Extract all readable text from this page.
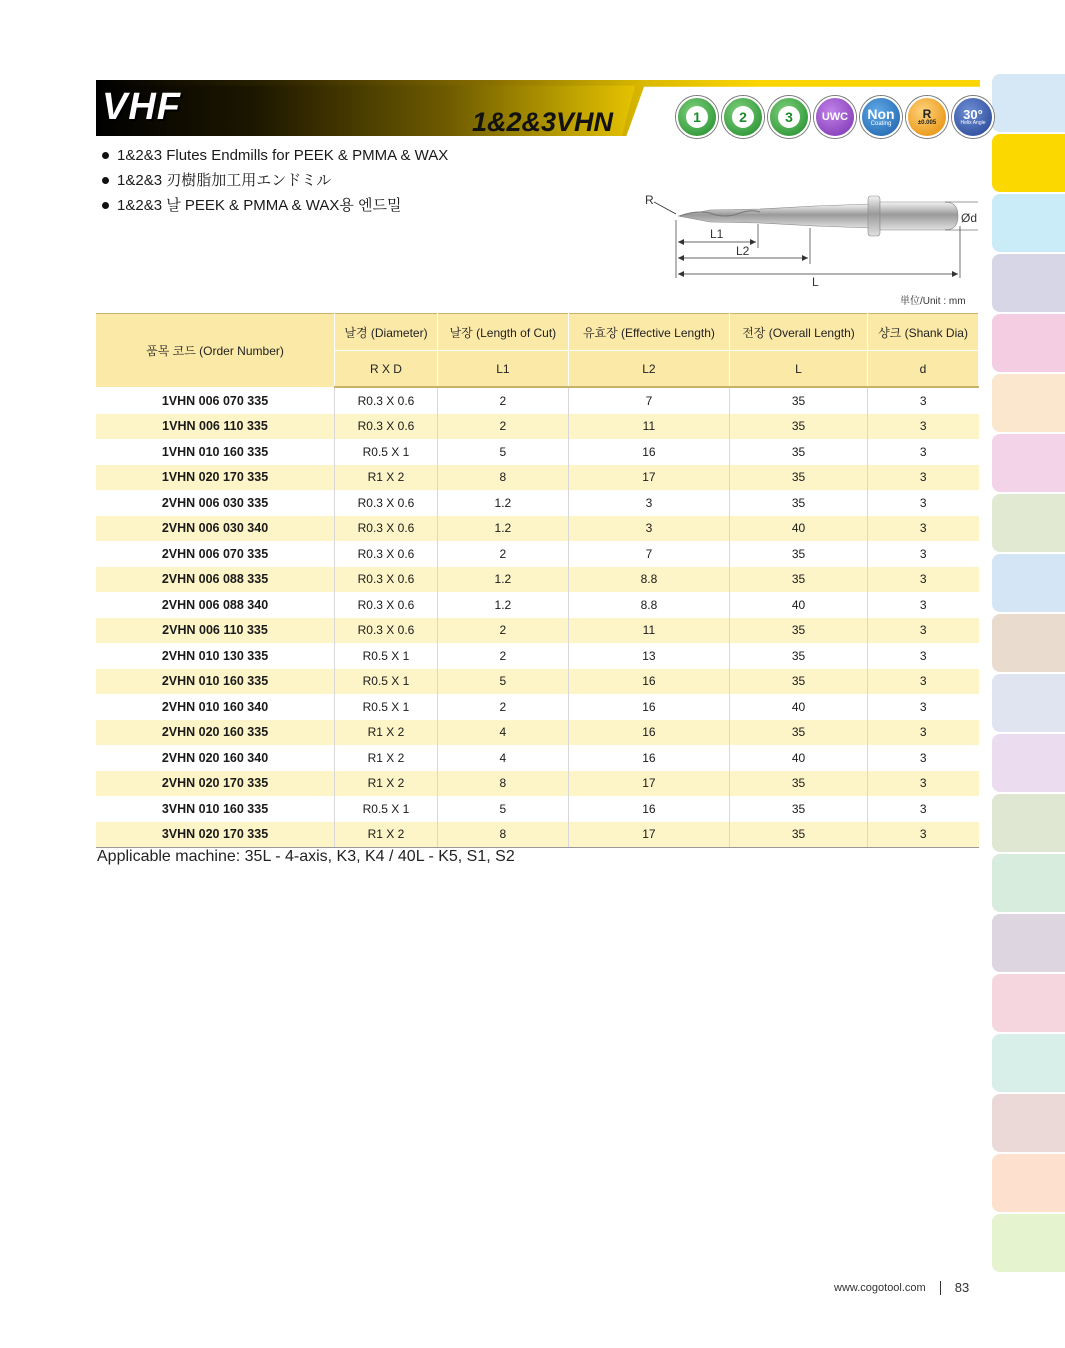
VHF	1&2&3VHN	1	2	3	UWC Non
Coating
R
±0.005
30°
Helix Angle
1&2&3 Flutes Endmills for PEEK & PMMA & WAX
1&2&3 刃樹脂加工用エンドミル
1&2&3 날 PEEK & PMMA & WAX용 엔드밀	R
L1
L2
L
Ød
単位/Unit : mm
품목 코드 (Order Number)	날경 (Diameter)	날장 (Length of Cut)	유효장 (Effective Length)	전장 (Overall Length)	샹크 (Shank Dia)
	R X D	L1	L2	L	d
1VHN 006 070 335	R0.3 X 0.6	2	7	35	3
1VHN 006 110 335	R0.3 X 0.6	2	11	35	3
1VHN 010 160 335	R0.5 X 1	5	16	35	3
1VHN 020 170 335	R1 X 2	8	17	35	3
2VHN 006 030 335	R0.3 X 0.6	1.2	3	35	3
2VHN 006 030 340	R0.3 X 0.6	1.2	3	40	3
2VHN 006 070 335	R0.3 X 0.6	2	7	35	3
2VHN 006 088 335	R0.3 X 0.6	1.2	8.8	35	3
2VHN 006 088 340	R0.3 X 0.6	1.2	8.8	40	3
2VHN 006 110 335	R0.3 X 0.6	2	11	35	3
2VHN 010 130 335	R0.5 X 1	2	13	35	3
2VHN 010 160 335	R0.5 X 1	5	16	35	3
2VHN 010 160 340	R0.5 X 1	2	16	40	3
2VHN 020 160 335	R1 X 2	4	16	35	3
2VHN 020 160 340	R1 X 2	4	16	40	3
2VHN 020 170 335	R1 X 2	8	17	35	3
3VHN 010 160 335	R0.5 X 1	5	16	35	3
3VHN 020 170 335	R1 X 2	8	17	35	3
Applicable machine: 35L - 4-axis, K3, K4 / 40L - K5, S1, S2
www.cogotool.com 83
